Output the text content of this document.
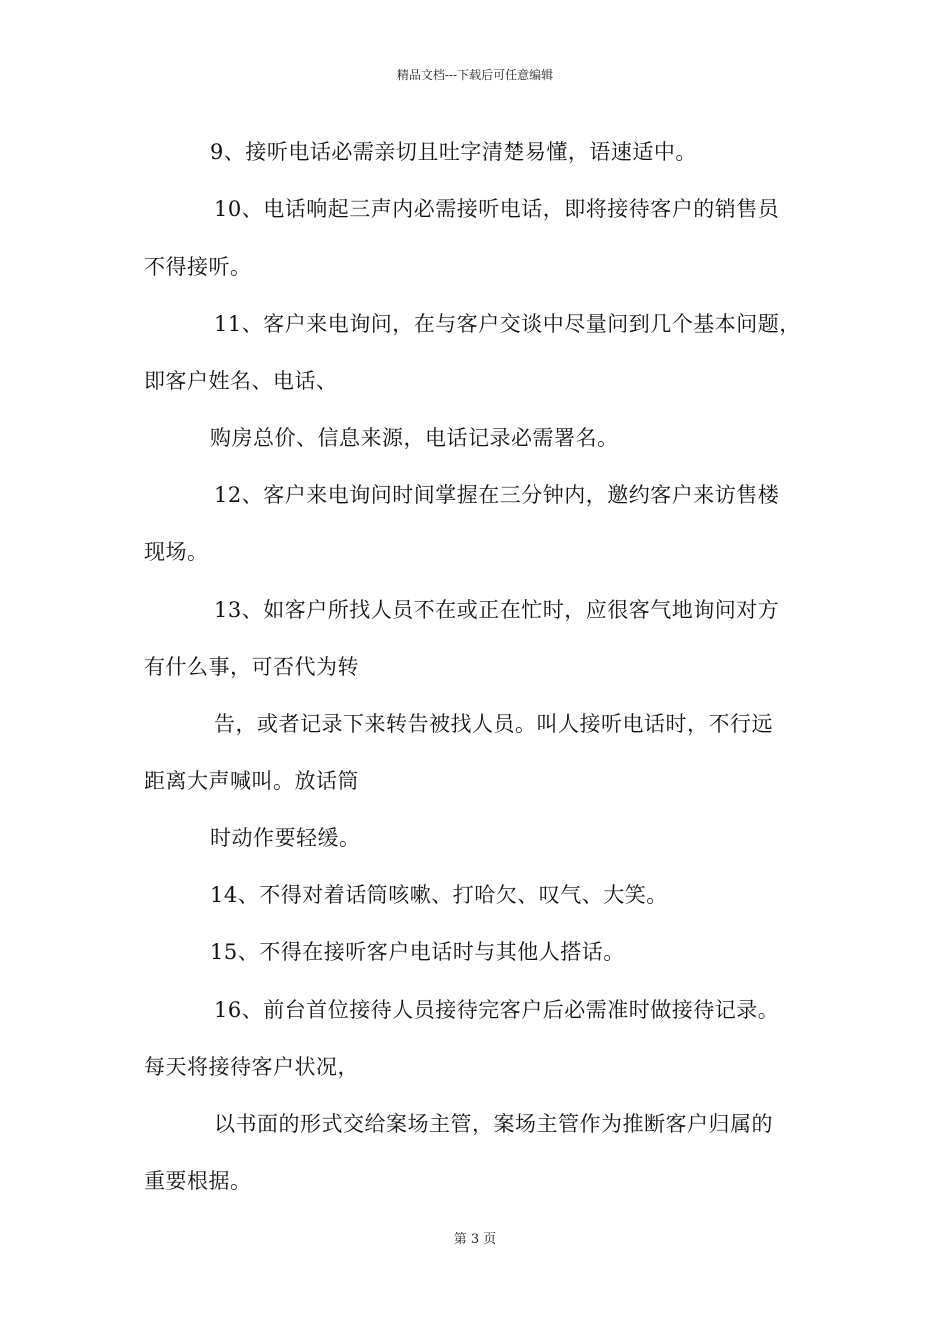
精品文档---下载后可任意编辑
9、接听电话必需亲切且吐字清楚易懂，语速适中。
10、电话响起三声内必需接听电话，即将接待客户的销售员
不得接听。
11、客户来电询问，在与客户交谈中尽量问到几个基本问题，
即客户姓名、电话、
购房总价、信息来源，电话记录必需署名。
12、客户来电询问时间掌握在三分钟内，邀约客户来访售楼
现场。
13、如客户所找人员不在或正在忙时，应很客气地询问对方
有什么事，可否代为转
告，或者记录下来转告被找人员。叫人接听电话时，不行远
距离大声喊叫。放话筒
时动作要轻缓。
14、不得对着话筒咳嗽、打哈欠、叹气、大笑。
15、不得在接听客户电话时与其他人搭话。
16、前台首位接待人员接待完客户后必需准时做接待记录。
每天将接待客户状况，
以书面的形式交给案场主管，案场主管作为推断客户归属的
重要根据。
第 3 页
